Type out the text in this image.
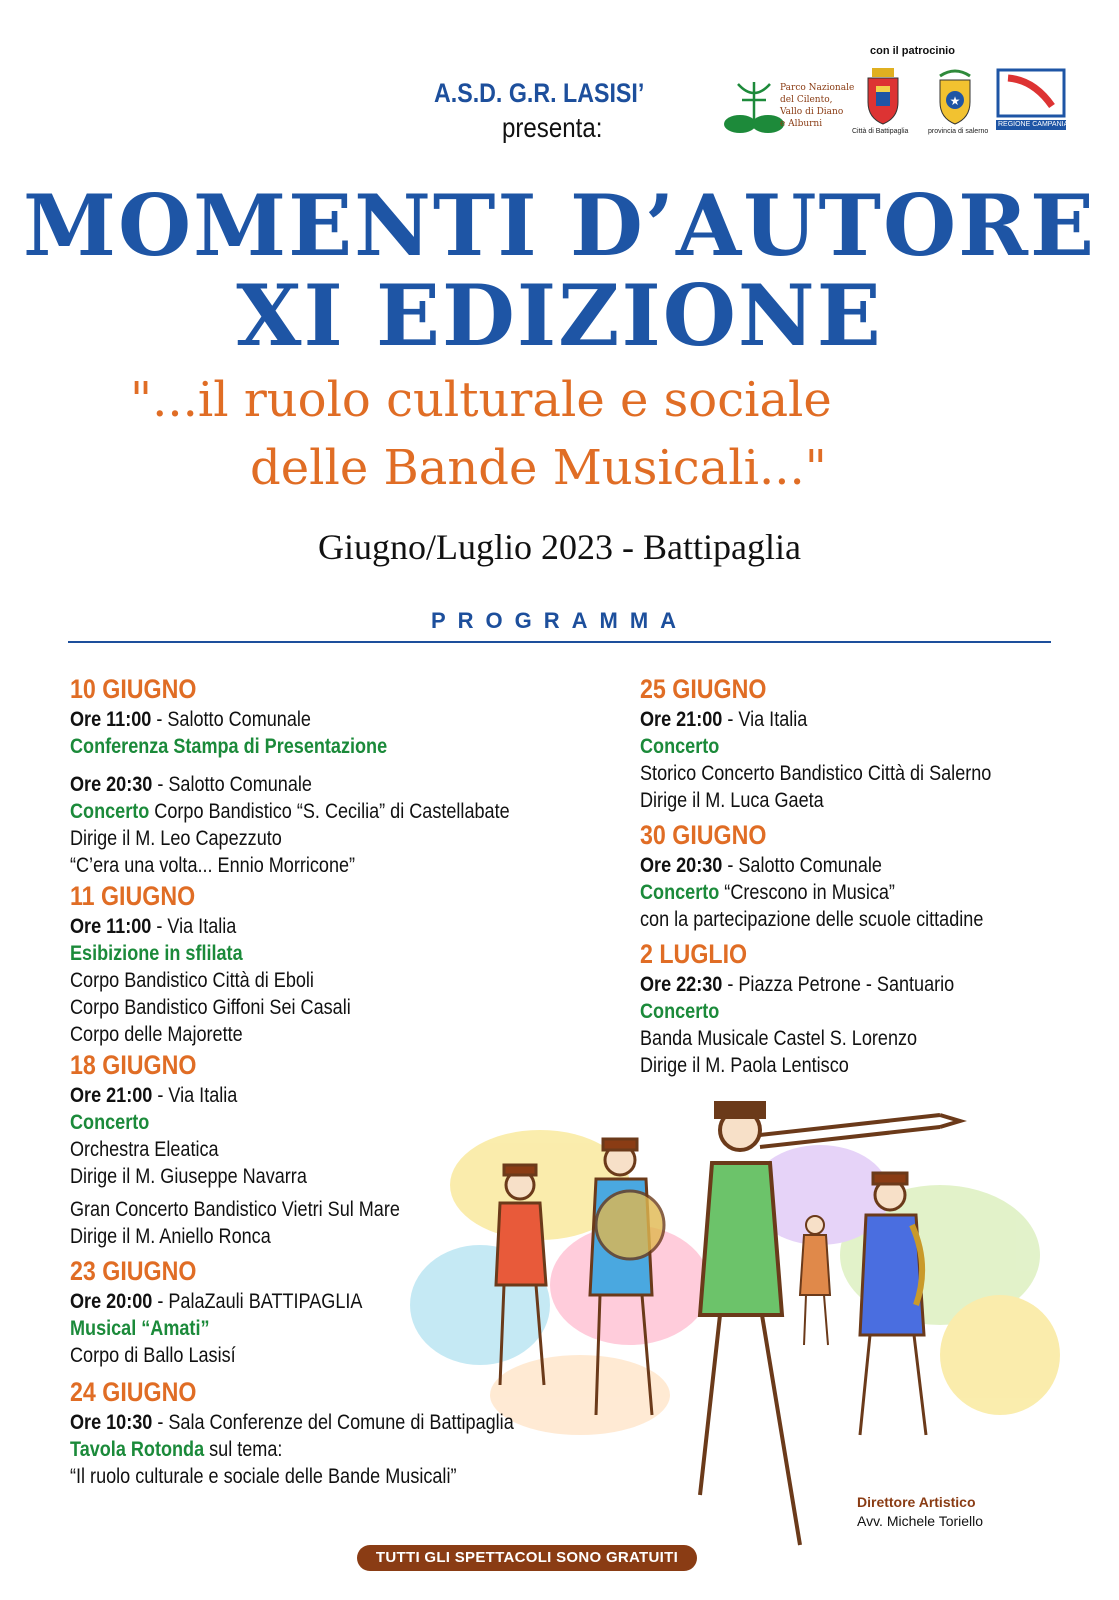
A.S.D. G.R. LASISI’
presenta:
con il patrocinio
Parco Nazionale
del Cilento,
Vallo di Diano
e Alburni
Città di Battipaglia
★
provincia di salerno
REGIONE CAMPANIA
MOMENTI D’AUTORE
XI EDIZIONE
"...il ruolo culturale e sociale
delle Bande Musicali..."
Giugno/Luglio 2023 - Battipaglia
PROGRAMMA
10 GIUGNO
Ore 11:00 - Salotto Comunale
Conferenza Stampa di Presentazione
Ore 20:30 - Salotto Comunale
Concerto Corpo Bandistico “S. Cecilia” di Castellabate
Dirige il M. Leo Capezzuto
“C’era una volta... Ennio Morricone”
11 GIUGNO
Ore 11:00 - Via Italia
Esibizione in sflilata
Corpo Bandistico Città di Eboli
Corpo Bandistico Giffoni Sei Casali
Corpo delle Majorette
18 GIUGNO
Ore 21:00 - Via Italia
Concerto
Orchestra Eleatica
Dirige il M. Giuseppe Navarra
Gran Concerto Bandistico Vietri Sul Mare
Dirige il M. Aniello Ronca
23 GIUGNO
Ore 20:00 - PalaZauli BATTIPAGLIA
Musical “Amati”
Corpo di Ballo Lasisí
24 GIUGNO
Ore 10:30 - Sala Conferenze del Comune di Battipaglia
Tavola Rotonda sul tema:
“Il ruolo culturale e sociale delle Bande Musicali”
25 GIUGNO
Ore 21:00 - Via Italia
Concerto
Storico Concerto Bandistico Città di Salerno
Dirige il M. Luca Gaeta
30 GIUGNO
Ore 20:30 - Salotto Comunale
Concerto “Crescono in Musica”
con la partecipazione delle scuole cittadine
2 LUGLIO
Ore 22:30 - Piazza Petrone - Santuario
Concerto
Banda Musicale Castel S. Lorenzo
Dirige il M. Paola Lentisco
Direttore Artistico
Avv. Michele Toriello
TUTTI GLI SPETTACOLI SONO GRATUITI
